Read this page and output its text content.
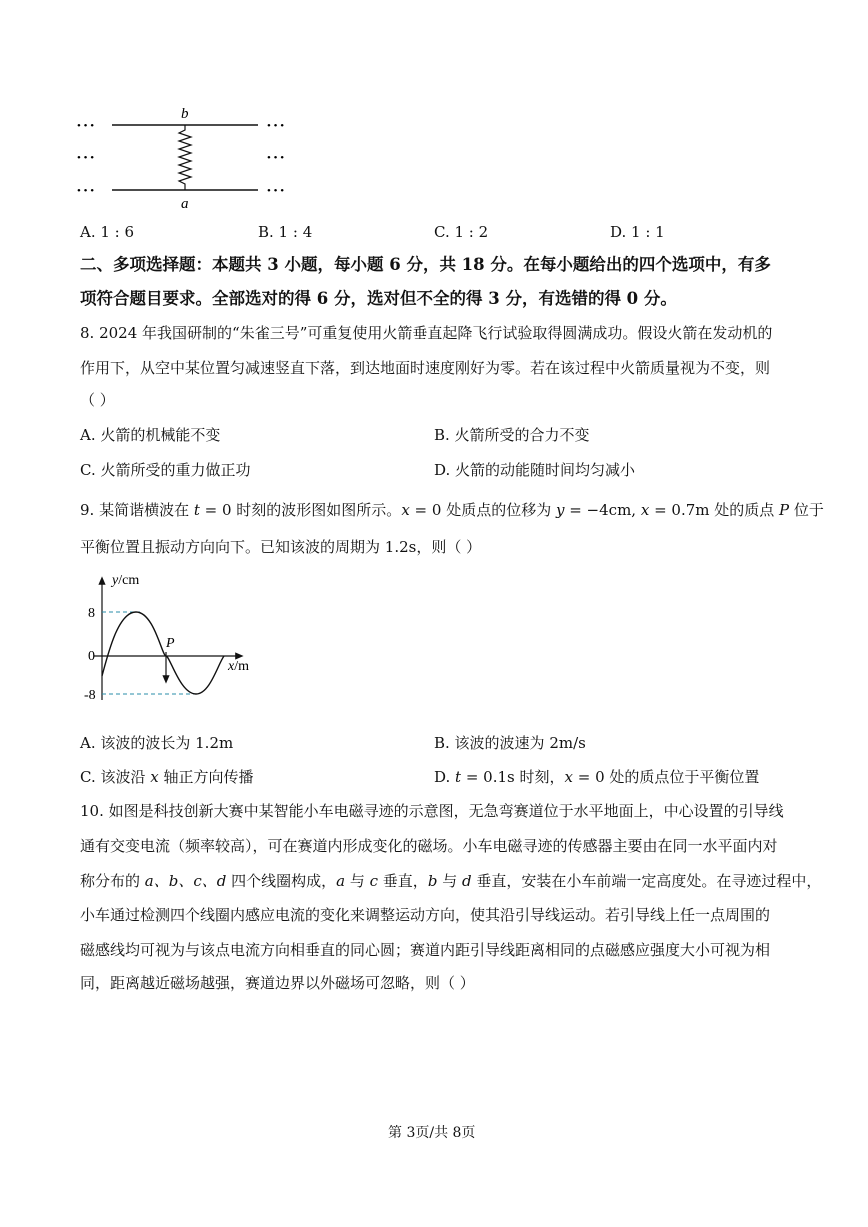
b
a
• • •
• • •
• • •
• • •
• • •
• • •
A. 1 : 6	B. 1 : 4	C. 1 : 2	D. 1 : 1
二、多项选择题：本题共 3 小题，每小题 6 分，共 18 分。在每小题给出的四个选项中，有多
项符合题目要求。全部选对的得 6 分，选对但不全的得 3 分，有选错的得 0 分。
8. 2024 年我国研制的“朱雀三号”可重复使用火箭垂直起降飞行试验取得圆满成功。假设火箭在发动机的
作用下，从空中某位置匀减速竖直下落，到达地面时速度刚好为零。若在该过程中火箭质量视为不变，则
（ ）
A. 火箭的机械能不变	B. 火箭所受的合力不变
C. 火箭所受的重力做正功	D. 火箭的动能随时间均匀减小
9. 某简谐横波在 t = 0 时刻的波形图如图所示。x = 0 处质点的位移为 y = −4cm, x = 0.7m 处的质点 P 位于
平衡位置且振动方向向下。已知该波的周期为 1.2s，则（ ）
y/cm
x/m
8
0
-8
P
A. 该波的波长为 1.2m	B. 该波的波速为 2m/s
C. 该波沿 x 轴正方向传播	D. t = 0.1s 时刻，x = 0 处的质点位于平衡位置
10. 如图是科技创新大赛中某智能小车电磁寻迹的示意图，无急弯赛道位于水平地面上，中心设置的引导线
通有交变电流（频率较高），可在赛道内形成变化的磁场。小车电磁寻迹的传感器主要由在同一水平面内对
称分布的 a、b、c、d 四个线圈构成，a 与 c 垂直，b 与 d 垂直，安装在小车前端一定高度处。在寻迹过程中，
小车通过检测四个线圈内感应电流的变化来调整运动方向，使其沿引导线运动。若引导线上任一点周围的
磁感线均可视为与该点电流方向相垂直的同心圆；赛道内距引导线距离相同的点磁感应强度大小可视为相
同，距离越近磁场越强，赛道边界以外磁场可忽略，则（ ）
第 3页/共 8页
